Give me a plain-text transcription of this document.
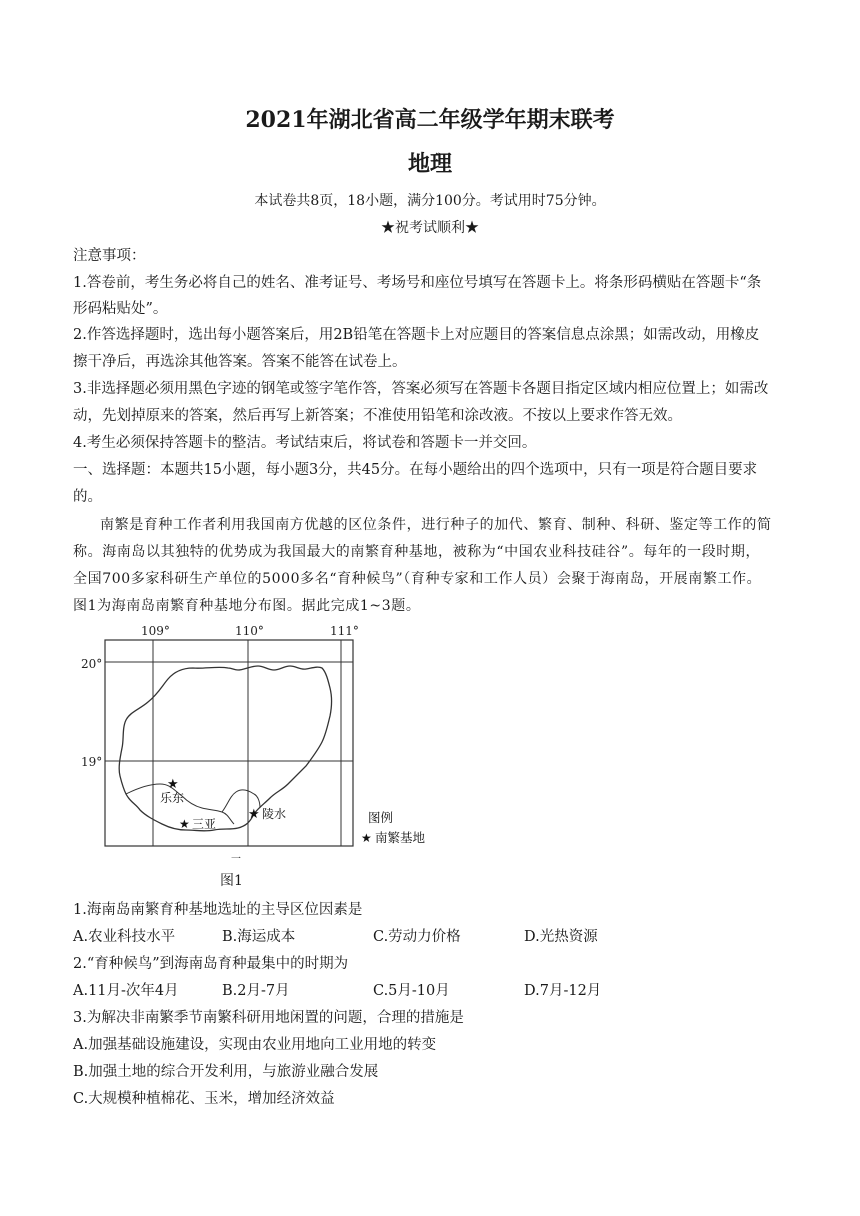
2021年湖北省高二年级学年期末联考
地理
本试卷共8页，18小题，满分100分。考试用时75分钟。
★祝考试顺利★
注意事项：
1.答卷前，考生务必将自己的姓名、准考证号、考场号和座位号填写在答题卡上。将条形码横贴在答题卡“条
形码粘贴处”。
2.作答选择题时，选出每小题答案后，用2B铅笔在答题卡上对应题目的答案信息点涂黑；如需改动，用橡皮
擦干净后，再选涂其他答案。答案不能答在试卷上。
3.非选择题必须用黑色字迹的钢笔或签字笔作答，答案必须写在答题卡各题目指定区域内相应位置上；如需改
动，先划掉原来的答案，然后再写上新答案；不准使用铅笔和涂改液。不按以上要求作答无效。
4.考生必须保持答题卡的整洁。考试结束后，将试卷和答题卡一并交回。
一、选择题：本题共15小题，每小题3分，共45分。在每小题给出的四个选项中，只有一项是符合题目要求
的。
南繁是育种工作者利用我国南方优越的区位条件，进行种子的加代、繁育、制种、科研、鉴定等工作的简
称。海南岛以其独特的优势成为我国最大的南繁育种基地，被称为“中国农业科技硅谷”。每年的一段时期，
全国700多家科研生产单位的5000多名“育种候鸟”（育种专家和工作人员）会聚于海南岛，开展南繁工作。
图1为海南岛南繁育种基地分布图。据此完成1~3题。
109°	110°	111°
20°
19°
★
乐东
★ 三亚
★ 陵水	图例
★ 南繁基地
一
图1
1.海南岛南繁育种基地选址的主导区位因素是
A.农业科技水平	B.海运成本	C.劳动力价格	D.光热资源
2.“育种候鸟”到海南岛育种最集中的时期为
A.11月-次年4月	B.2月-7月	C.5月-10月	D.7月-12月
3.为解决非南繁季节南繁科研用地闲置的问题，合理的措施是
A.加强基础设施建设，实现由农业用地向工业用地的转变
B.加强土地的综合开发利用，与旅游业融合发展
C.大规模种植棉花、玉米，增加经济效益
